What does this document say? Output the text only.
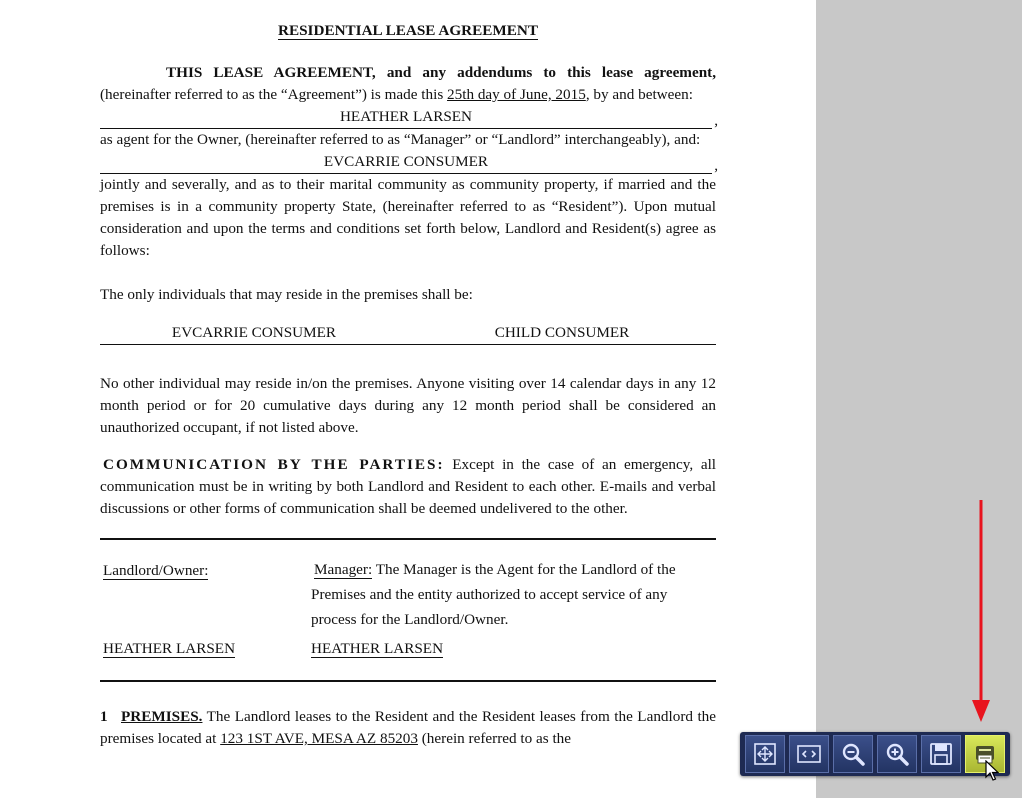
RESIDENTIAL LEASE AGREEMENT

THIS LEASE AGREEMENT, and any addendums to this lease agreement, (hereinafter referred to as the “Agreement”) is made this 25th day of June, 2015, by and between:

HEATHER LARSEN	,

as agent for the Owner, (hereinafter referred to as “Manager” or “Landlord” interchangeably), and:

EVCARRIE CONSUMER	,

jointly and severally, and as to their marital community as community property, if married and the premises is in a community property State, (hereinafter referred to as “Resident”). Upon mutual consideration and upon the terms and conditions set forth below, Landlord and Resident(s) agree as follows:

The only individuals that may reside in the premises shall be:

EVCARRIE CONSUMER	CHILD CONSUMER

No other individual may reside in/on the premises. Anyone visiting over 14 calendar days in any 12 month period or for 20 cumulative days during any 12 month period shall be considered an unauthorized occupant, if not listed above.

COMMUNICATION BY THE PARTIES: Except in the case of an emergency, all communication must be in writing by both Landlord and Resident to each other. E-mails and verbal discussions or other forms of communication shall be deemed undelivered to the other.

Landlord/Owner:	Manager: The Manager is the Agent for the Landlord of the Premises and the entity authorized to accept service of any process for the Landlord/Owner.
HEATHER LARSEN	HEATHER LARSEN

1 PREMISES. The Landlord leases to the Resident and the Resident leases from the Landlord the premises located at 123 1ST AVE, MESA AZ 85203 (herein referred to as the
